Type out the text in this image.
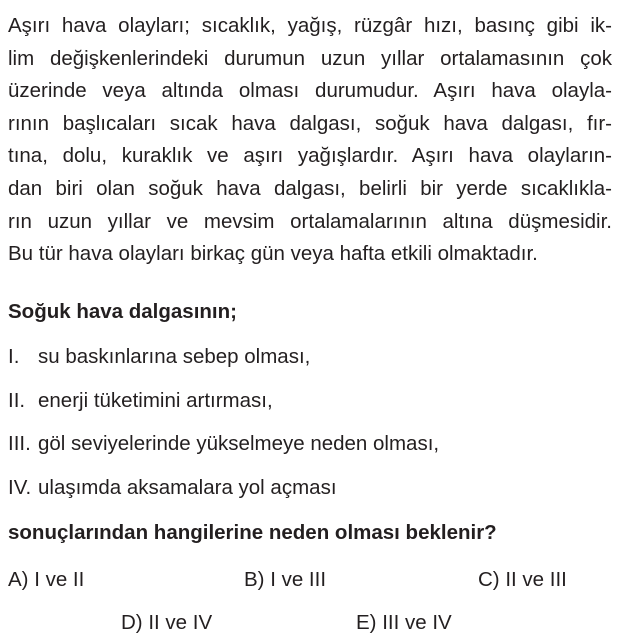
Aşırı hava olayları; sıcaklık, yağış, rüzgâr hızı, basınç gibi ik-
lim değişkenlerindeki durumun uzun yıllar ortalamasının çok
üzerinde veya altında olması durumudur. Aşırı hava olayla-
rının başlıcaları sıcak hava dalgası, soğuk hava dalgası, fır-
tına, dolu, kuraklık ve aşırı yağışlardır. Aşırı hava olayların-
dan biri olan soğuk hava dalgası, belirli bir yerde sıcaklıkla-
rın uzun yıllar ve mevsim ortalamalarının altına düşmesidir.
Bu tür hava olayları birkaç gün veya hafta etkili olmaktadır.

Soğuk hava dalgasının;

I. su baskınlarına sebep olması,
II. enerji tüketimini artırması,
III. göl seviyelerinde yükselmeye neden olması,
IV. ulaşımda aksamalara yol açması

sonuçlarından hangilerine neden olması beklenir?

A) I ve II	B) I ve III	C) II ve III
D) II ve IV	E) III ve IV
